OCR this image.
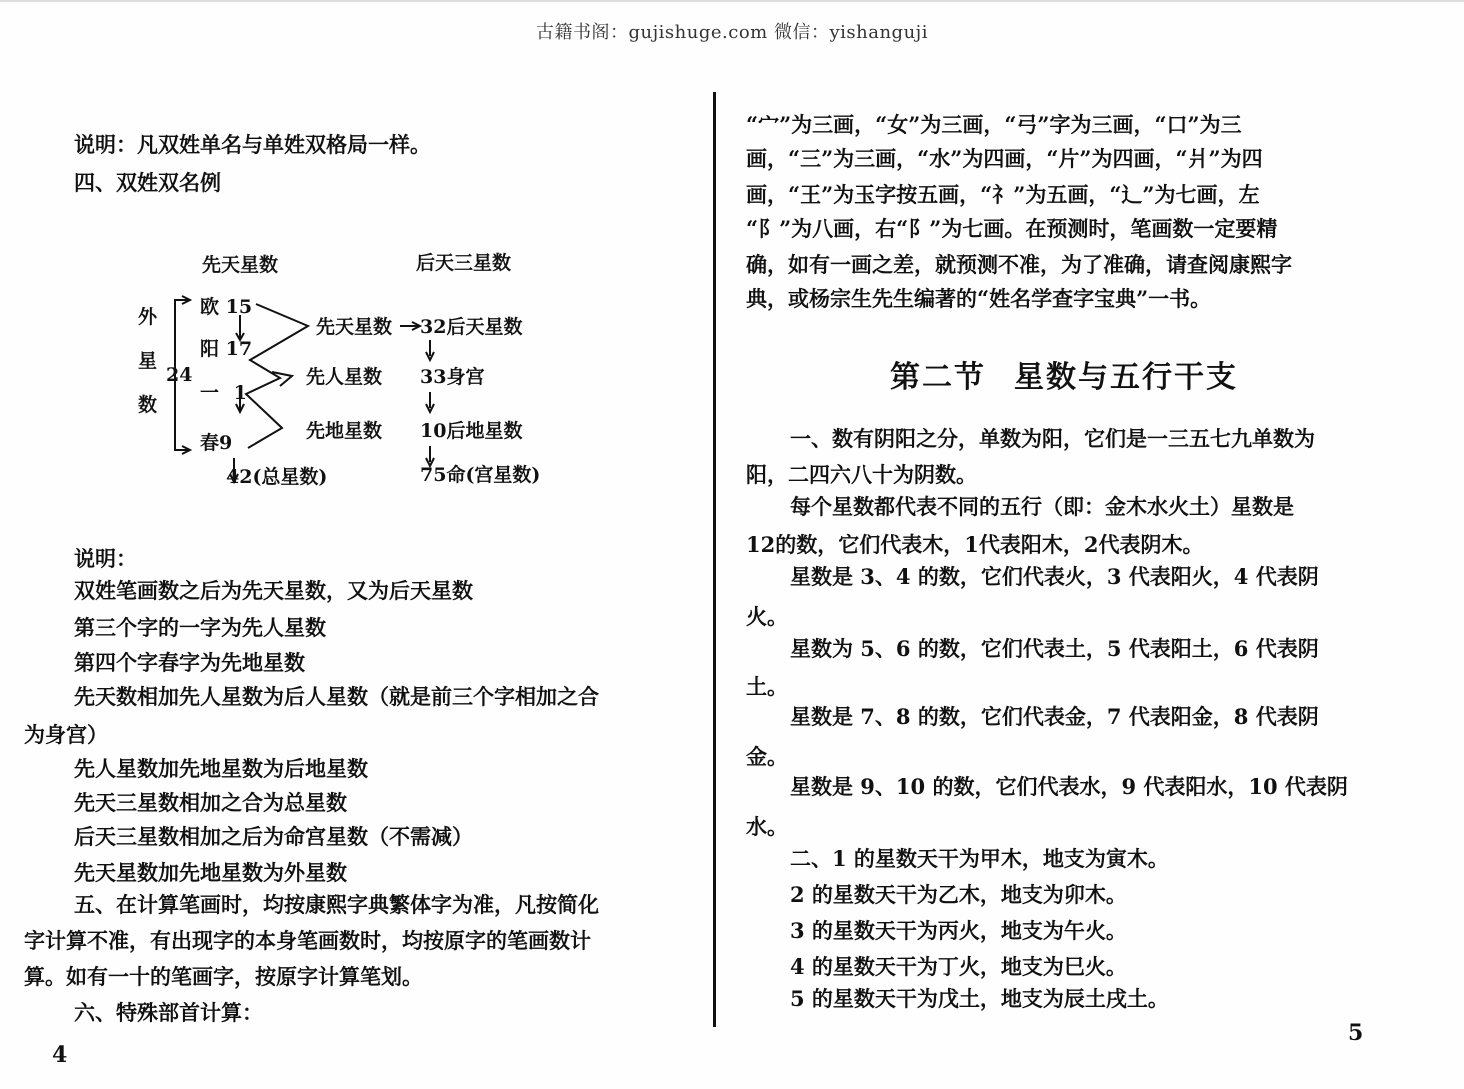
古籍书阁：gujishuge.com 微信：yishanguji
说明：凡双姓单名与单姓双格局一样。
四、双姓双名例
先天星数	后天三星数
外
星
数
24
欧 15
阳 17
一 1
春9
先天星数
先人星数
先地星数
32后天星数
33身宫
10后地星数
42(总星数)	75命(宫星数)
说明：
双姓笔画数之后为先天星数，又为后天星数
第三个字的一字为先人星数
第四个字春字为先地星数
先天数相加先人星数为后人星数（就是前三个字相加之合
为身宫）
先人星数加先地星数为后地星数
先天三星数相加之合为总星数
后天三星数相加之后为命宫星数（不需减）
先天星数加先地星数为外星数
五、在计算笔画时，均按康熙字典繁体字为准，凡按简化
字计算不准，有出现字的本身笔画数时，均按原字的笔画数计
算。如有一十的笔画字，按原字计算笔划。
六、特殊部首计算：
4
“宀”为三画，“女”为三画，“弓”字为三画，“口”为三
画，“三”为三画，“水”为四画，“片”为四画，“爿”为四
画，“王”为玉字按五画，“礻”为五画，“辶”为七画，左
“阝”为八画，右“阝”为七画。在预测时，笔画数一定要精
确，如有一画之差，就预测不准，为了准确，请查阅康熙字
典，或杨宗生先生编著的“姓名学查字宝典”一书。
第二节 星数与五行干支
一、数有阴阳之分，单数为阳，它们是一三五七九单数为
阳，二四六八十为阴数。
每个星数都代表不同的五行（即：金木水火土）星数是
12的数，它们代表木，1代表阳木，2代表阴木。
星数是 3、4 的数，它们代表火，3 代表阳火，4 代表阴
火。
星数为 5、6 的数，它们代表土，5 代表阳土，6 代表阴
土。
星数是 7、8 的数，它们代表金，7 代表阳金，8 代表阴
金。
星数是 9、10 的数，它们代表水，9 代表阳水，10 代表阴
水。
二、1 的星数天干为甲木，地支为寅木。
2 的星数天干为乙木，地支为卯木。
3 的星数天干为丙火，地支为午火。
4 的星数天干为丁火，地支为巳火。
5 的星数天干为戊土，地支为辰土戌土。
5
